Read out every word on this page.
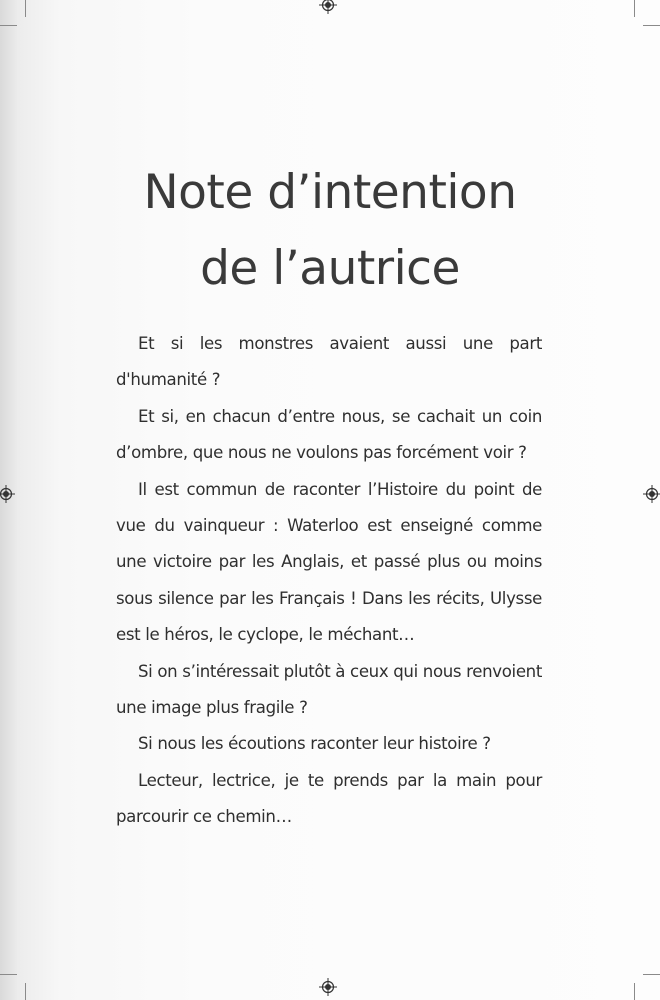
Note d’intention
de l’autrice

Et si les monstres avaient aussi une part d'humanité ?

Et si, en chacun d’entre nous, se cachait un coin d’ombre, que nous ne voulons pas forcément voir ?

Il est commun de raconter l’Histoire du point de vue du vainqueur : Waterloo est enseigné comme une victoire par les Anglais, et passé plus ou moins sous silence par les Français ! Dans les récits, Ulysse est le héros, le cyclope, le méchant…

Si on s’intéressait plutôt à ceux qui nous renvoient une image plus fragile ?

Si nous les écoutions raconter leur histoire ?

Lecteur, lectrice, je te prends par la main pour parcourir ce chemin…
